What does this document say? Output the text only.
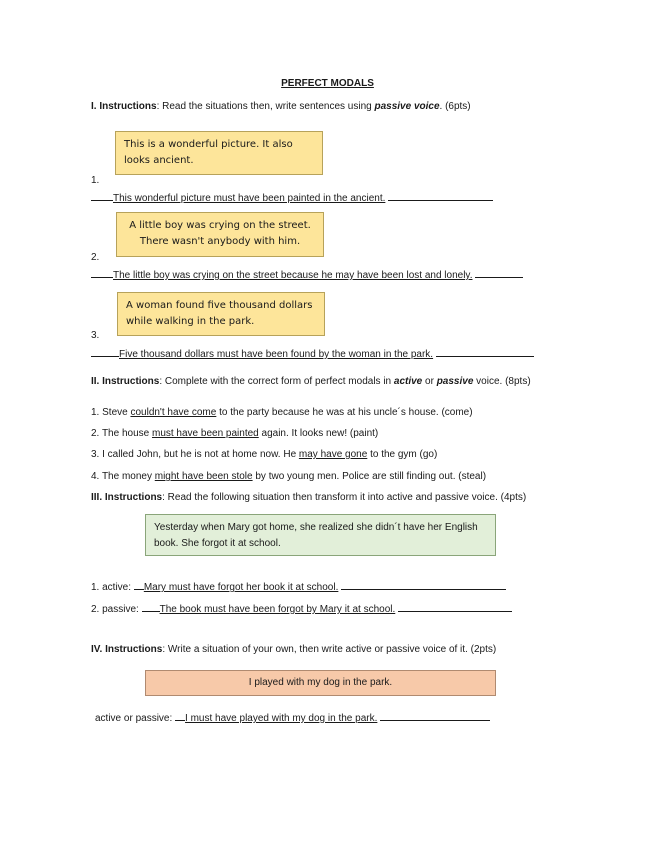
PERFECT MODALS
I. Instructions: Read the situations then, write sentences using passive voice. (6pts)
This is a wonderful picture. It also looks ancient.
1.
This wonderful picture must have been painted in the ancient.
A little boy was crying on the street. There wasn't anybody with him.
2.
The little boy was crying on the street because he may have been lost and lonely.
A woman found five thousand dollars while walking in the park.
3.
Five thousand dollars must have been found by the woman in the park.
II. Instructions: Complete with the correct form of perfect modals in active or passive voice. (8pts)
1. Steve couldn't have come to the party because he was at his uncle´s house. (come)
2. The house must have been painted again. It looks new! (paint)
3. I called John, but he is not at home now. He may have gone to the gym (go)
4. The money might have been stole by two young men. Police are still finding out. (steal)
III. Instructions: Read the following situation then transform it into active and passive voice. (4pts)
Yesterday when Mary got home, she realized she didn´t have her English book. She forgot it at school.
1. active: Mary must have forgot her book it at school.
2. passive: The book must have been forgot by Mary it at school.
IV. Instructions: Write a situation of your own, then write active or passive voice of it. (2pts)
I played with my dog in the park.
active or passive: I must have played with my dog in the park.
